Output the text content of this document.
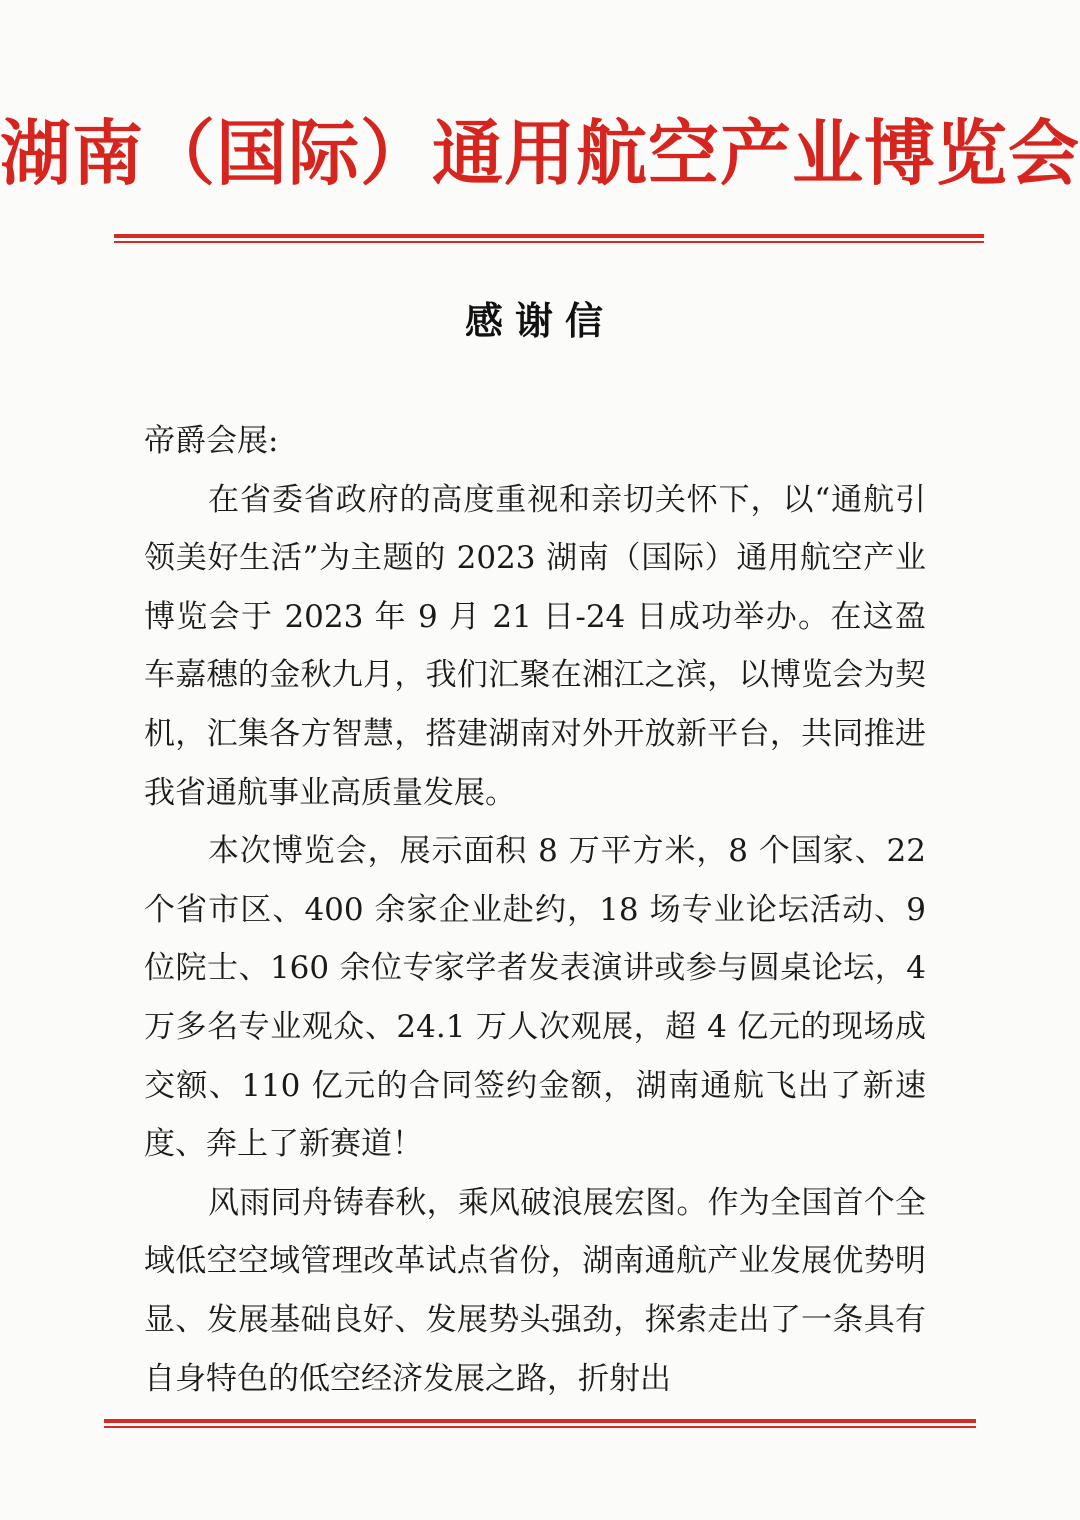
湖南（国际）通用航空产业博览会
感谢信

帝爵会展:

在省委省政府的高度重视和亲切关怀下，以“通航引领美好生活”为主题的 2023 湖南（国际）通用航空产业博览会于 2023 年 9 月 21 日-24 日成功举办。在这盈车嘉穗的金秋九月，我们汇聚在湘江之滨，以博览会为契机，汇集各方智慧，搭建湖南对外开放新平台，共同推进我省通航事业高质量发展。

本次博览会，展示面积 8 万平方米，8 个国家、22 个省市区、400 余家企业赴约，18 场专业论坛活动、9 位院士、160 余位专家学者发表演讲或参与圆桌论坛，4 万多名专业观众、24.1 万人次观展，超 4 亿元的现场成交额、110 亿元的合同签约金额，湖南通航飞出了新速度、奔上了新赛道！

风雨同舟铸春秋，乘风破浪展宏图。作为全国首个全域低空空域管理改革试点省份，湖南通航产业发展优势明显、发展基础良好、发展势头强劲，探索走出了一条具有自身特色的低空经济发展之路，折射出
